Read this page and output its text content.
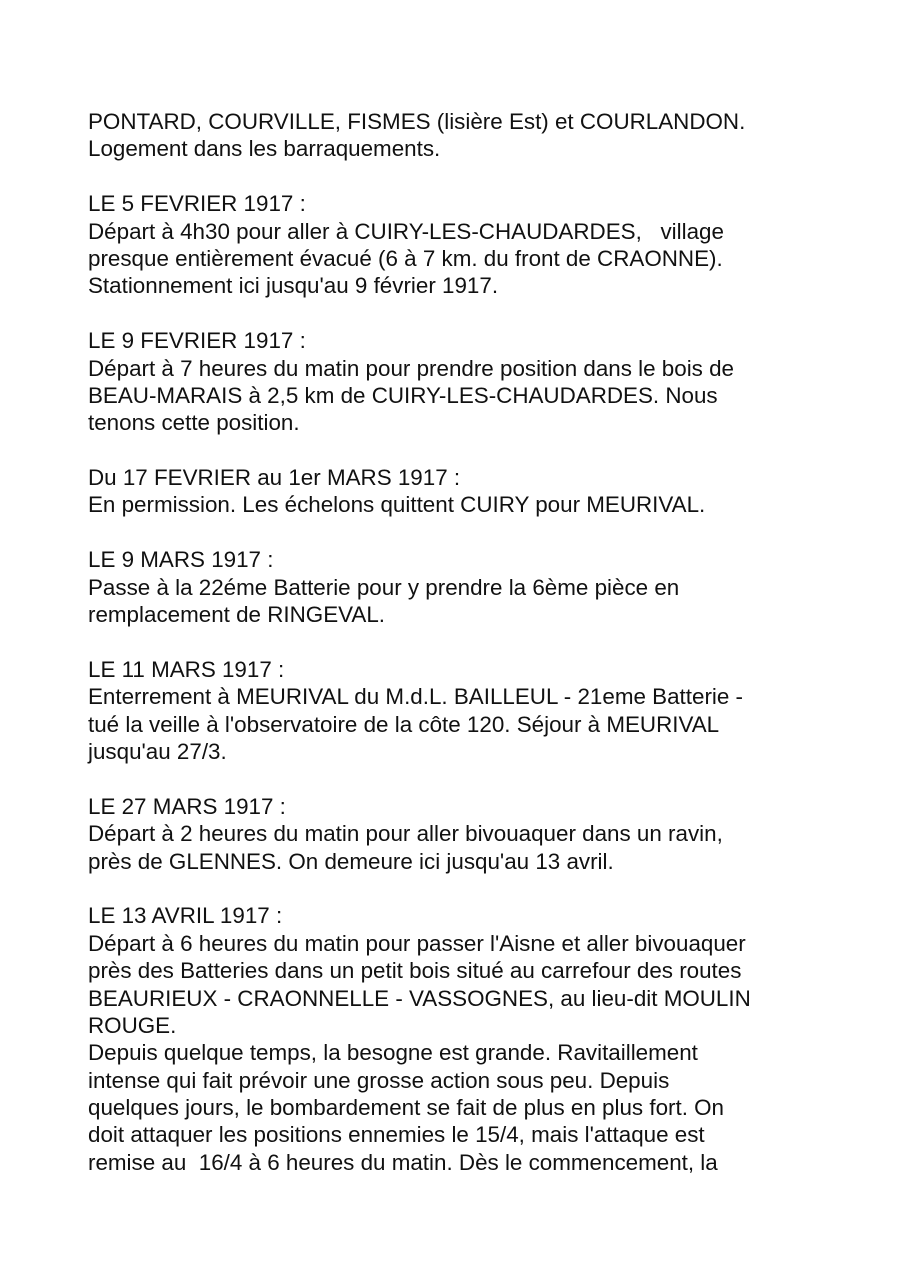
PONTARD, COURVILLE, FISMES (lisière Est) et COURLANDON.
Logement dans les barraquements.
LE 5 FEVRIER 1917 :
Départ à 4h30 pour aller à CUIRY-LES-CHAUDARDES,   village
presque entièrement évacué (6 à 7 km. du front de CRAONNE).
Stationnement ici jusqu'au 9 février 1917.
LE 9 FEVRIER 1917 :
Départ à 7 heures du matin pour prendre position dans le bois de
BEAU-MARAIS à 2,5 km de CUIRY-LES-CHAUDARDES. Nous
tenons cette position.
Du 17 FEVRIER au 1er MARS 1917 :
En permission. Les échelons quittent CUIRY pour MEURIVAL.
LE 9 MARS 1917 :
Passe à la 22éme Batterie pour y prendre la 6ème pièce en
remplacement de RINGEVAL.
LE 11 MARS 1917 :
Enterrement à MEURIVAL du M.d.L. BAILLEUL - 21eme Batterie -
tué la veille à l'observatoire de la côte 120. Séjour à MEURIVAL
jusqu'au 27/3.
LE 27 MARS 1917 :
Départ à 2 heures du matin pour aller bivouaquer dans un ravin,
près de GLENNES. On demeure ici jusqu'au 13 avril.
LE 13 AVRIL 1917 :
Départ à 6 heures du matin pour passer l'Aisne et aller bivouaquer
près des Batteries dans un petit bois situé au carrefour des routes
BEAURIEUX - CRAONNELLE - VASSOGNES, au lieu-dit MOULIN
ROUGE.
Depuis quelque temps, la besogne est grande. Ravitaillement
intense qui fait prévoir une grosse action sous peu. Depuis
quelques jours, le bombardement se fait de plus en plus fort. On
doit attaquer les positions ennemies le 15/4, mais l'attaque est
remise au  16/4 à 6 heures du matin. Dès le commencement, la
